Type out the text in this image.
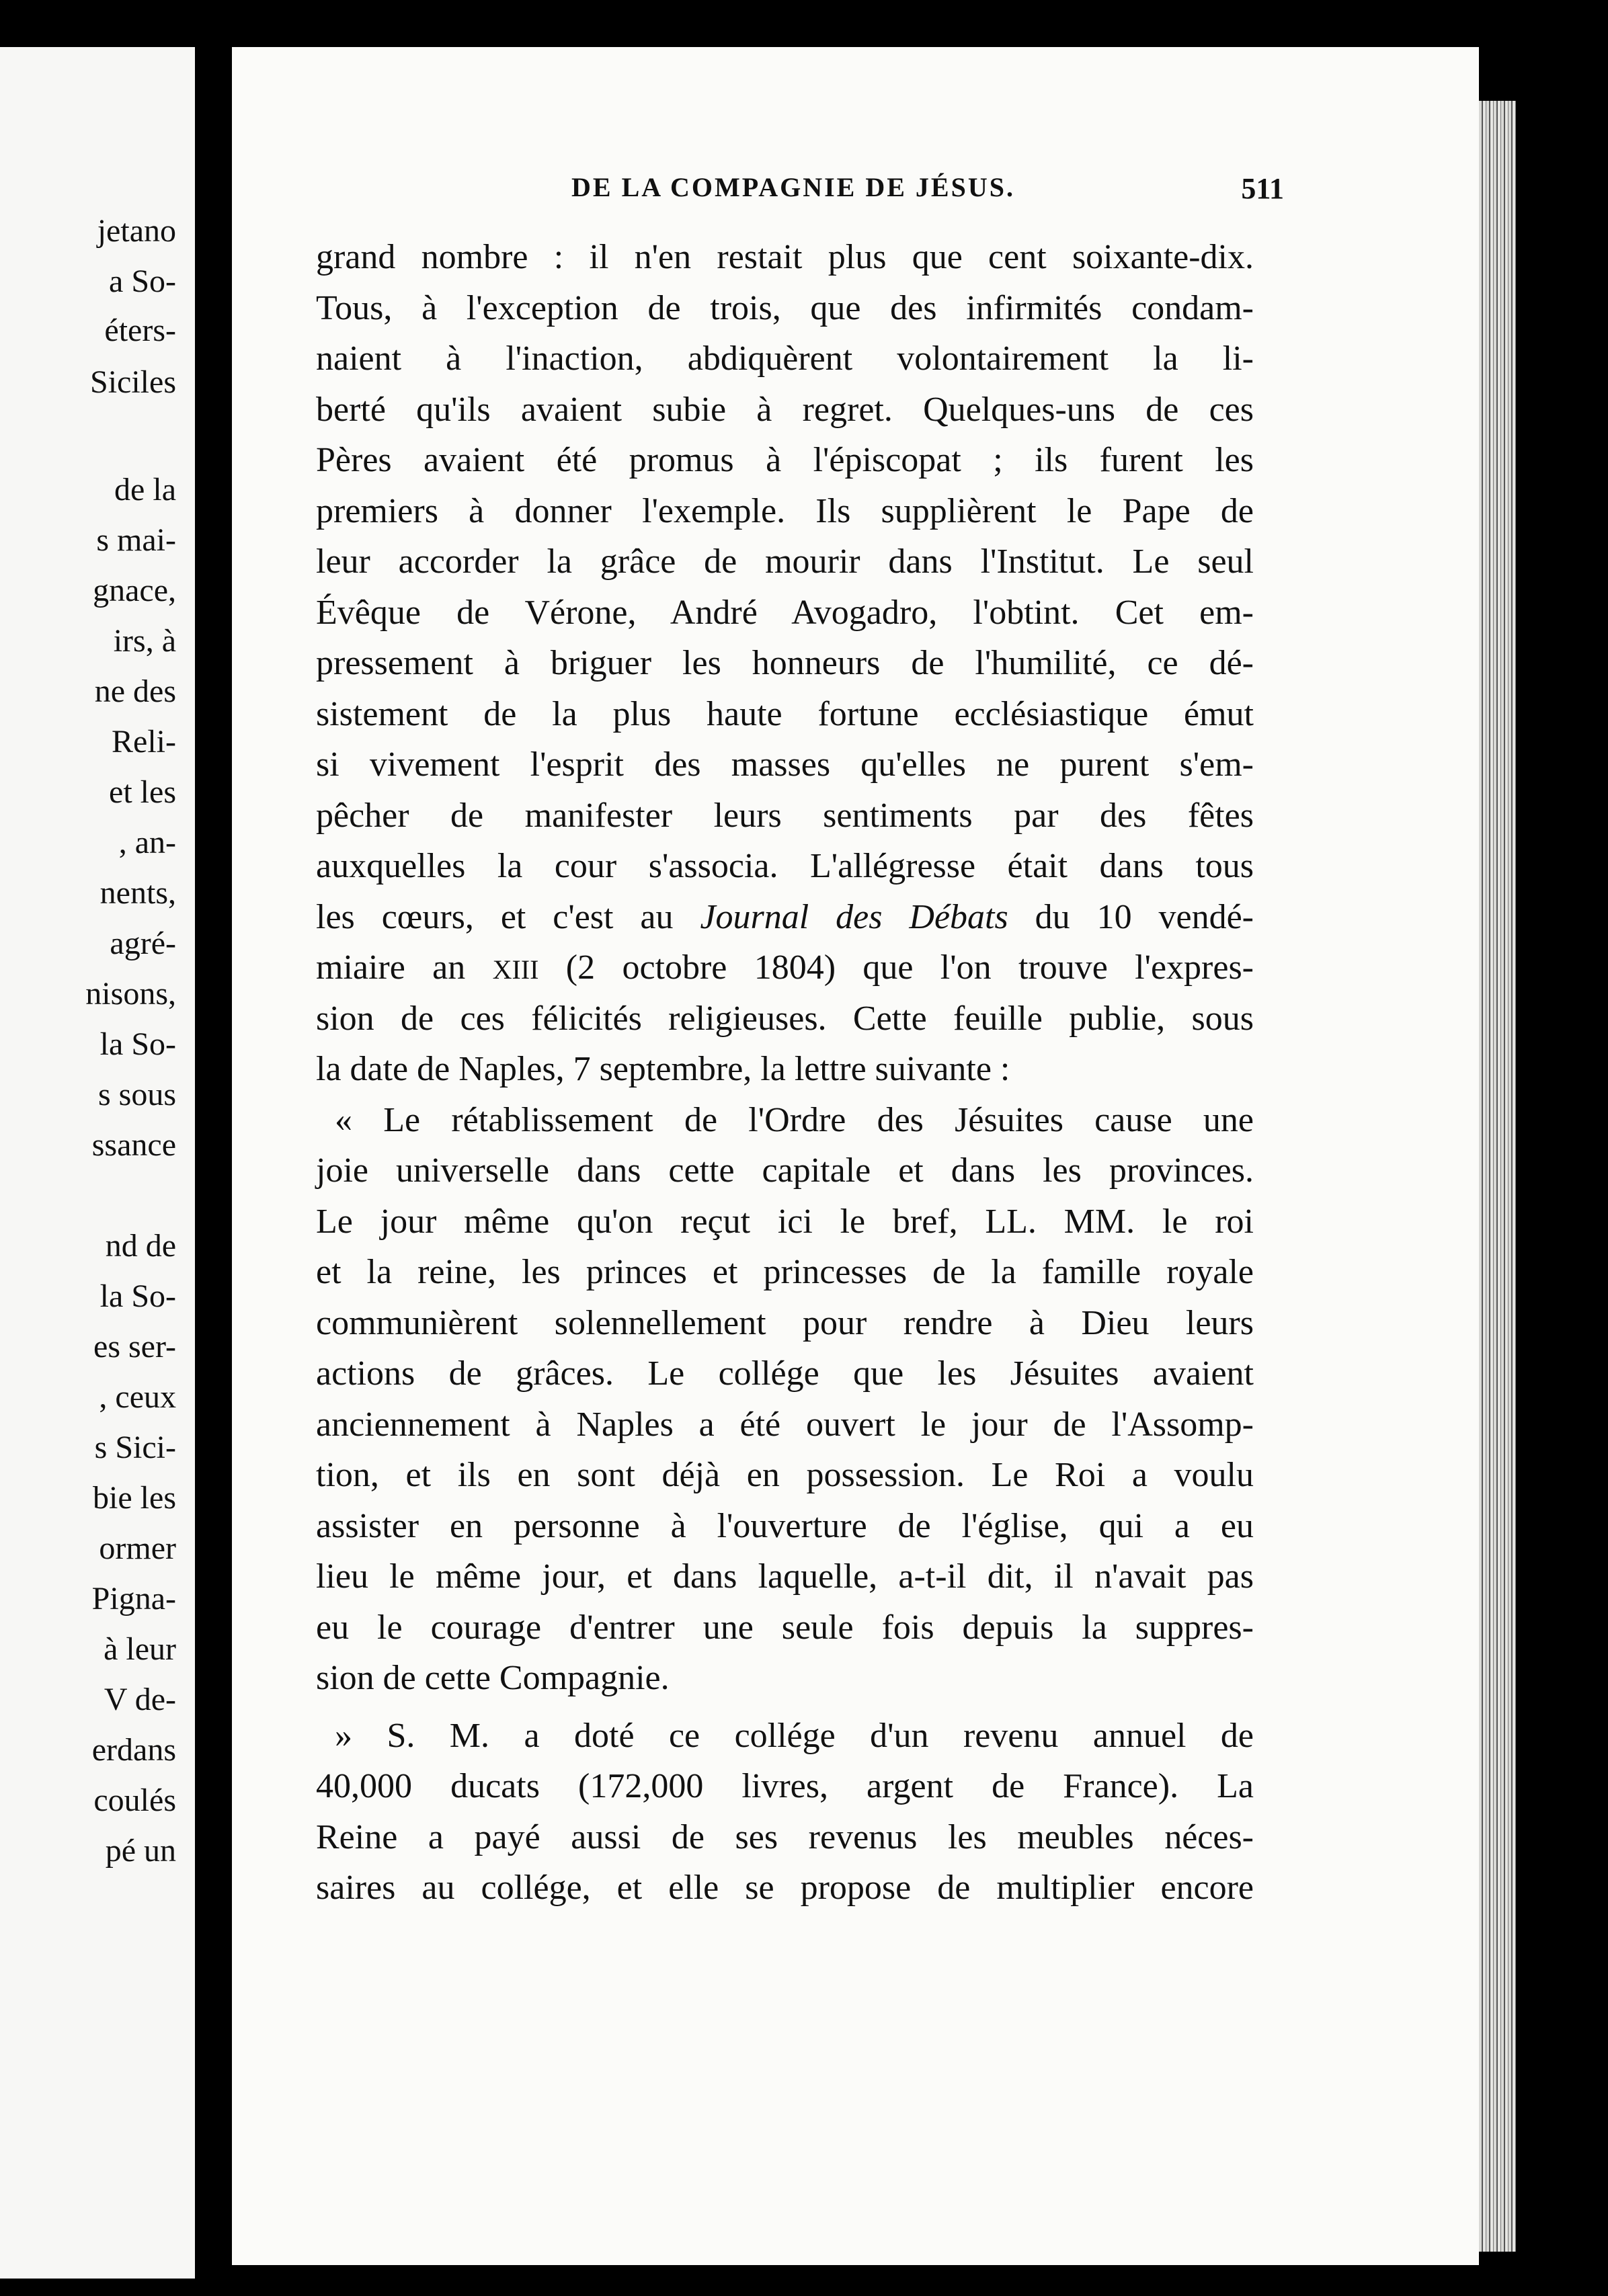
jetano
a So-
éters-
Siciles
de la
s mai-
gnace,
irs, à
ne des
Reli-
et les
, an-
nents,
agré-
nisons,
la So-
s sous
ssance
nd de
la So-
es ser-
, ceux
s Sici-
bie les
ormer
Pigna-
à leur
V de-
erdans
coulés
pé un
DE LA COMPAGNIE DE JÉSUS.	511
grand nombre : il n'en restait plus que cent soixante-dix.
Tous, à l'exception de trois, que des infirmités condam-
naient à l'inaction, abdiquèrent volontairement la li-
berté qu'ils avaient subie à regret. Quelques-uns de ces
Pères avaient été promus à l'épiscopat ; ils furent les
premiers à donner l'exemple. Ils supplièrent le Pape de
leur accorder la grâce de mourir dans l'Institut. Le seul
Évêque de Vérone, André Avogadro, l'obtint. Cet em-
pressement à briguer les honneurs de l'humilité, ce dé-
sistement de la plus haute fortune ecclésiastique émut
si vivement l'esprit des masses qu'elles ne purent s'em-
pêcher de manifester leurs sentiments par des fêtes
auxquelles la cour s'associa. L'allégresse était dans tous
les cœurs, et c'est au Journal des Débats du 10 vendé-
miaire an XIII (2 octobre 1804) que l'on trouve l'expres-
sion de ces félicités religieuses. Cette feuille publie, sous
la date de Naples, 7 septembre, la lettre suivante :
« Le rétablissement de l'Ordre des Jésuites cause une
joie universelle dans cette capitale et dans les provinces.
Le jour même qu'on reçut ici le bref, LL. MM. le roi
et la reine, les princes et princesses de la famille royale
communièrent solennellement pour rendre à Dieu leurs
actions de grâces. Le collége que les Jésuites avaient
anciennement à Naples a été ouvert le jour de l'Assomp-
tion, et ils en sont déjà en possession. Le Roi a voulu
assister en personne à l'ouverture de l'église, qui a eu
lieu le même jour, et dans laquelle, a-t-il dit, il n'avait pas
eu le courage d'entrer une seule fois depuis la suppres-
sion de cette Compagnie.
» S. M. a doté ce collége d'un revenu annuel de
40,000 ducats (172,000 livres, argent de France). La
Reine a payé aussi de ses revenus les meubles néces-
saires au collége, et elle se propose de multiplier encore
